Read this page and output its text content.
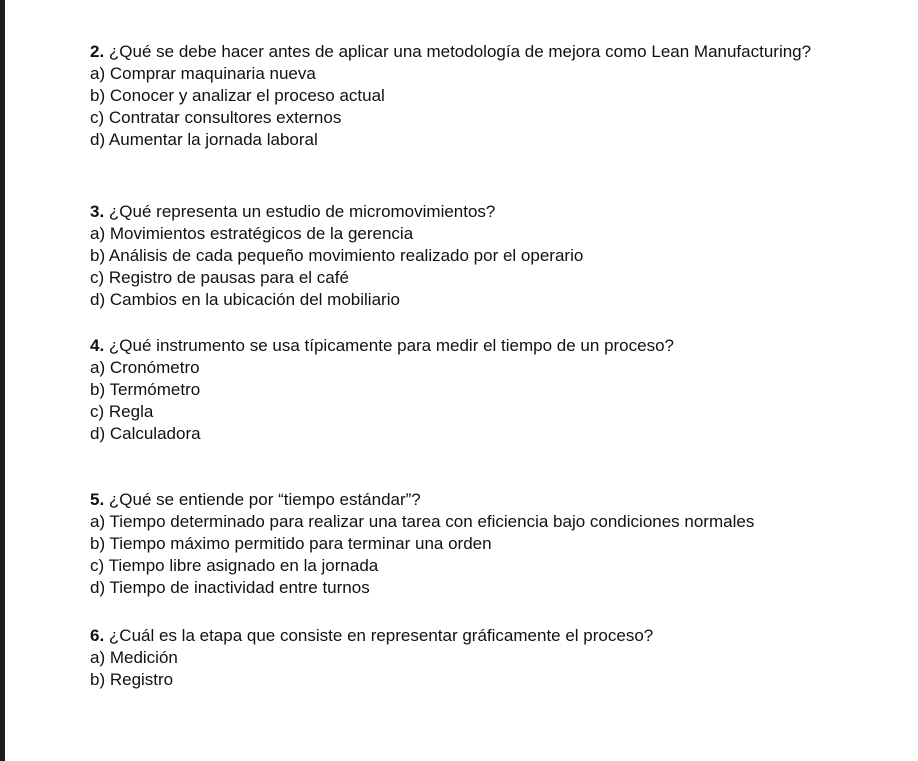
2. ¿Qué se debe hacer antes de aplicar una metodología de mejora como Lean Manufacturing?
a) Comprar maquinaria nueva
b) Conocer y analizar el proceso actual
c) Contratar consultores externos
d) Aumentar la jornada laboral
3. ¿Qué representa un estudio de micromovimientos?
a) Movimientos estratégicos de la gerencia
b) Análisis de cada pequeño movimiento realizado por el operario
c) Registro de pausas para el café
d) Cambios en la ubicación del mobiliario
4. ¿Qué instrumento se usa típicamente para medir el tiempo de un proceso?
a) Cronómetro
b) Termómetro
c) Regla
d) Calculadora
5. ¿Qué se entiende por “tiempo estándar”?
a) Tiempo determinado para realizar una tarea con eficiencia bajo condiciones normales
b) Tiempo máximo permitido para terminar una orden
c) Tiempo libre asignado en la jornada
d) Tiempo de inactividad entre turnos
6. ¿Cuál es la etapa que consiste en representar gráficamente el proceso?
a) Medición
b) Registro
